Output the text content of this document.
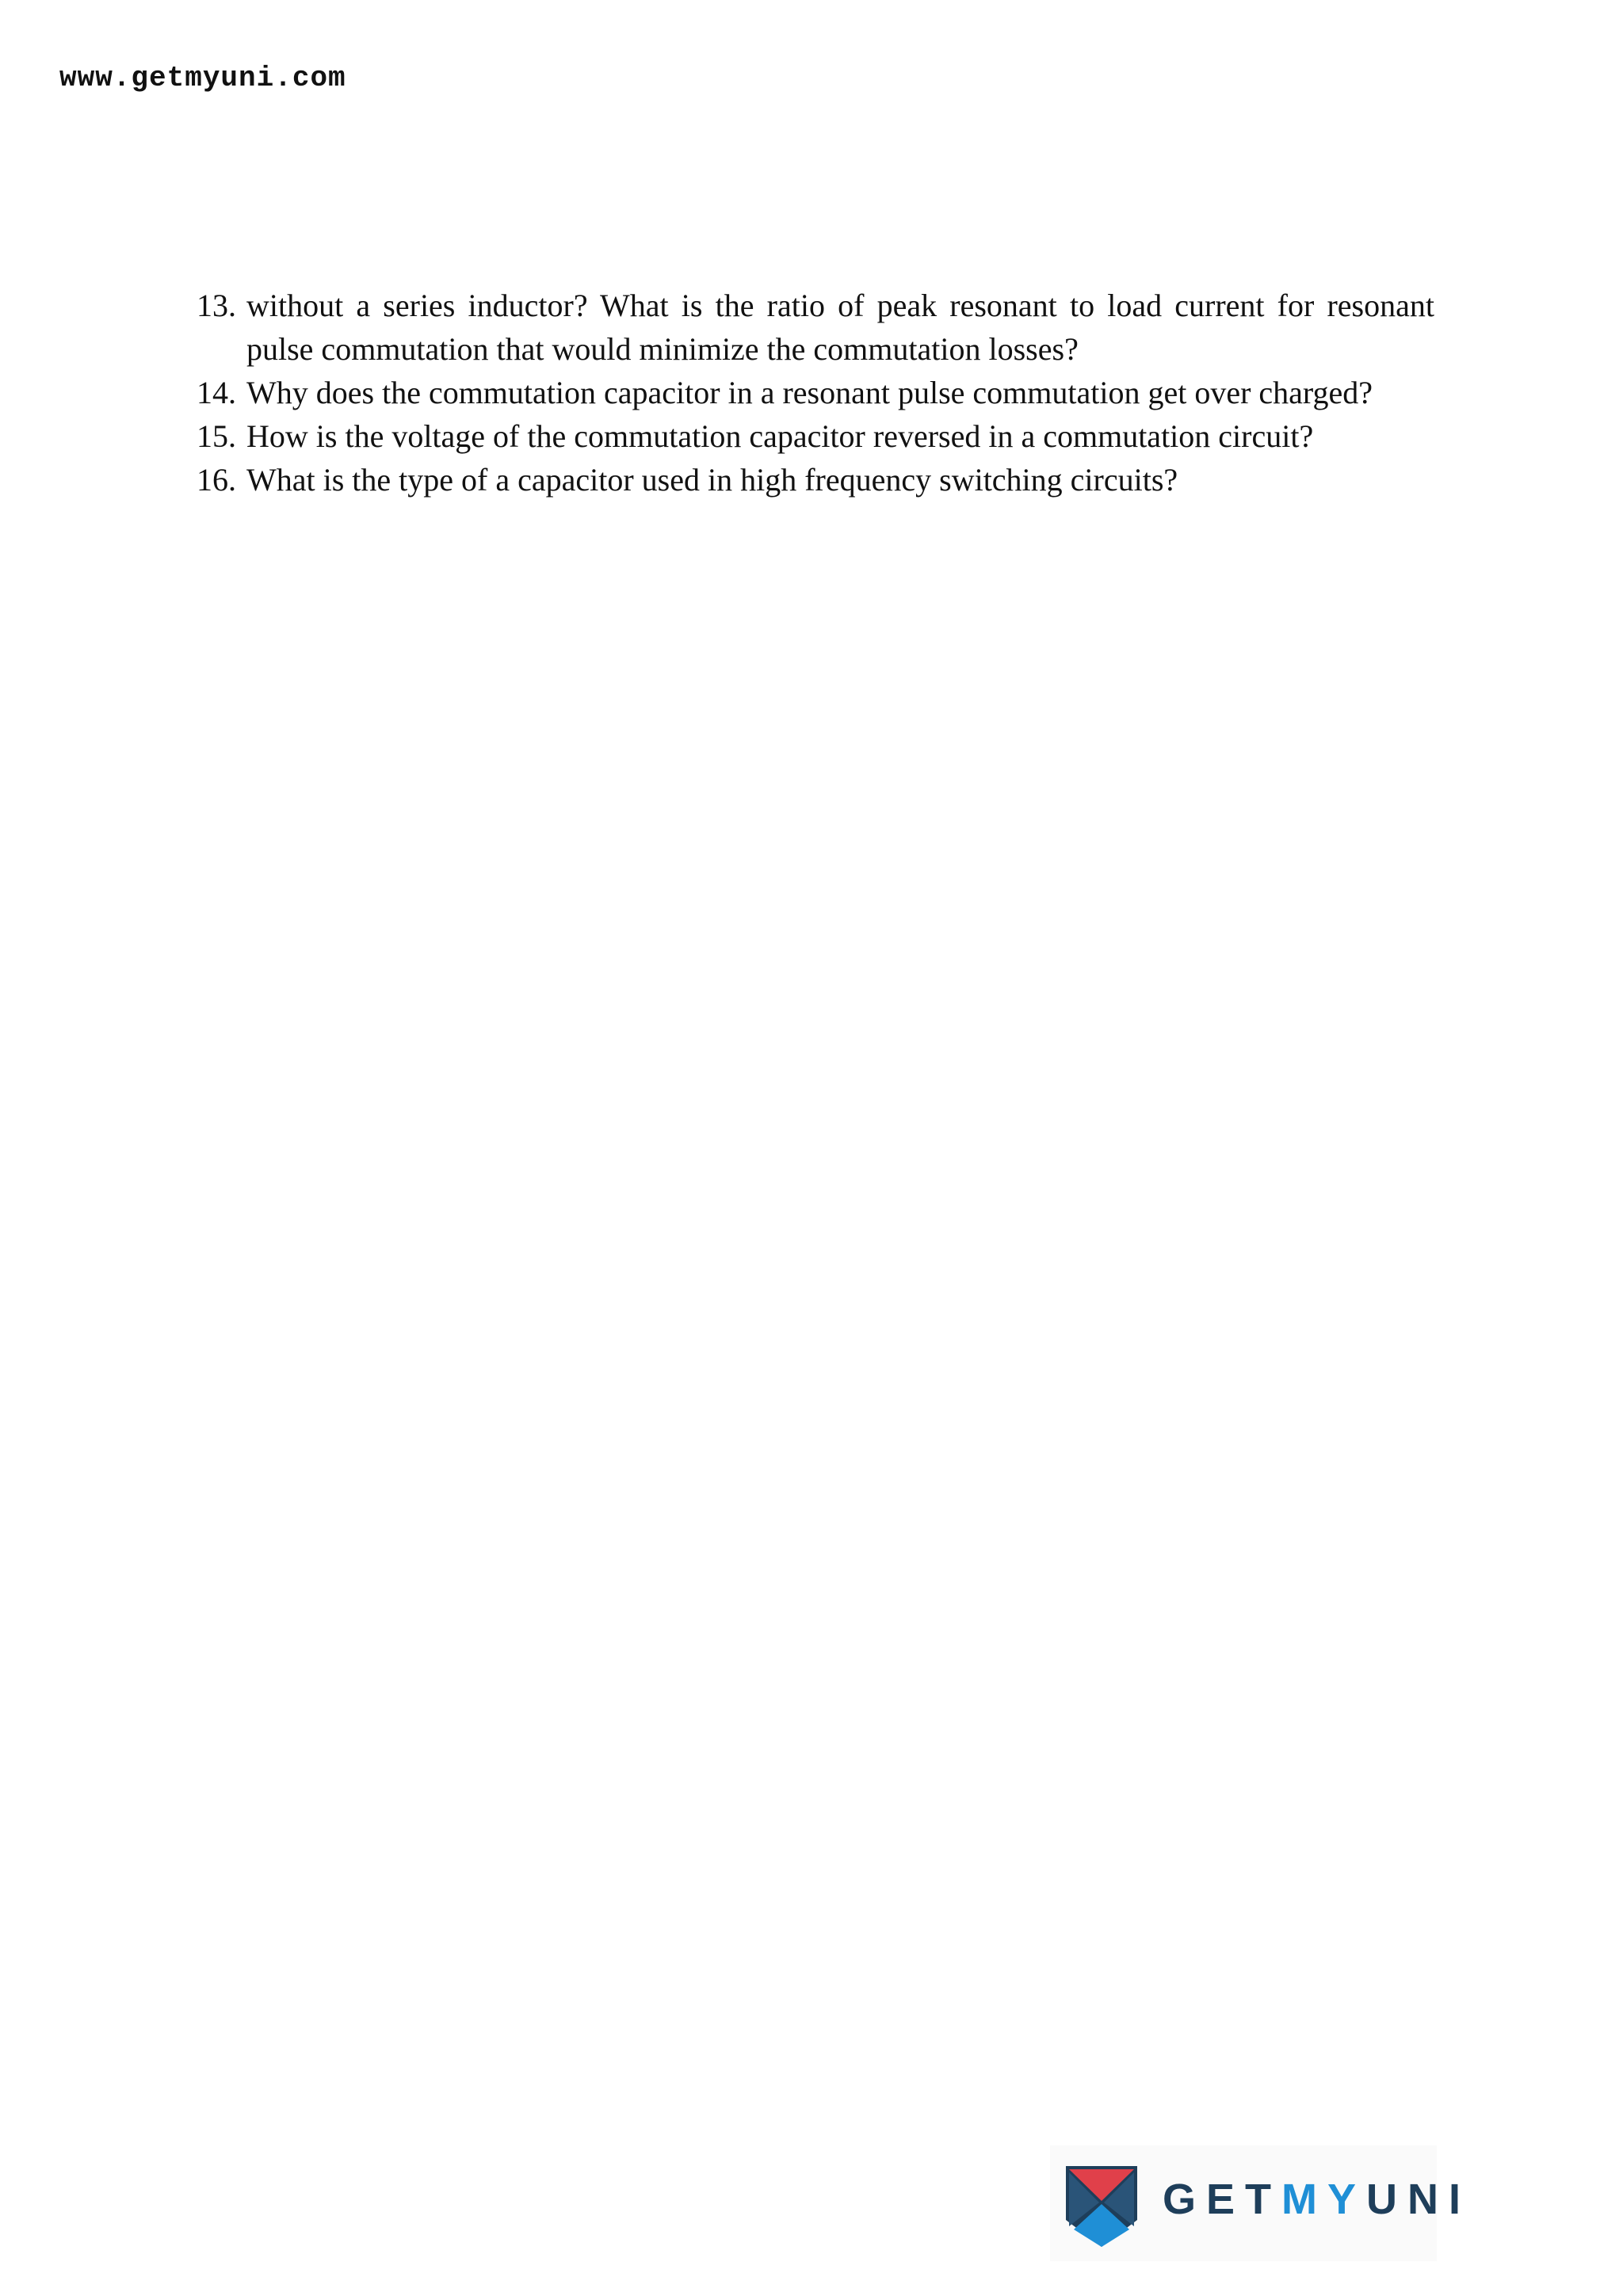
www.getmyuni.com
13. without a series inductor? What is the ratio of peak resonant to load current for resonant pulse commutation that would minimize the commutation losses?
14. Why does the commutation capacitor in a resonant pulse commutation get over charged?
15. How is the voltage of the commutation capacitor reversed in a commutation circuit?
16. What is the type of a capacitor used in high frequency switching circuits?
GETMYUNI
